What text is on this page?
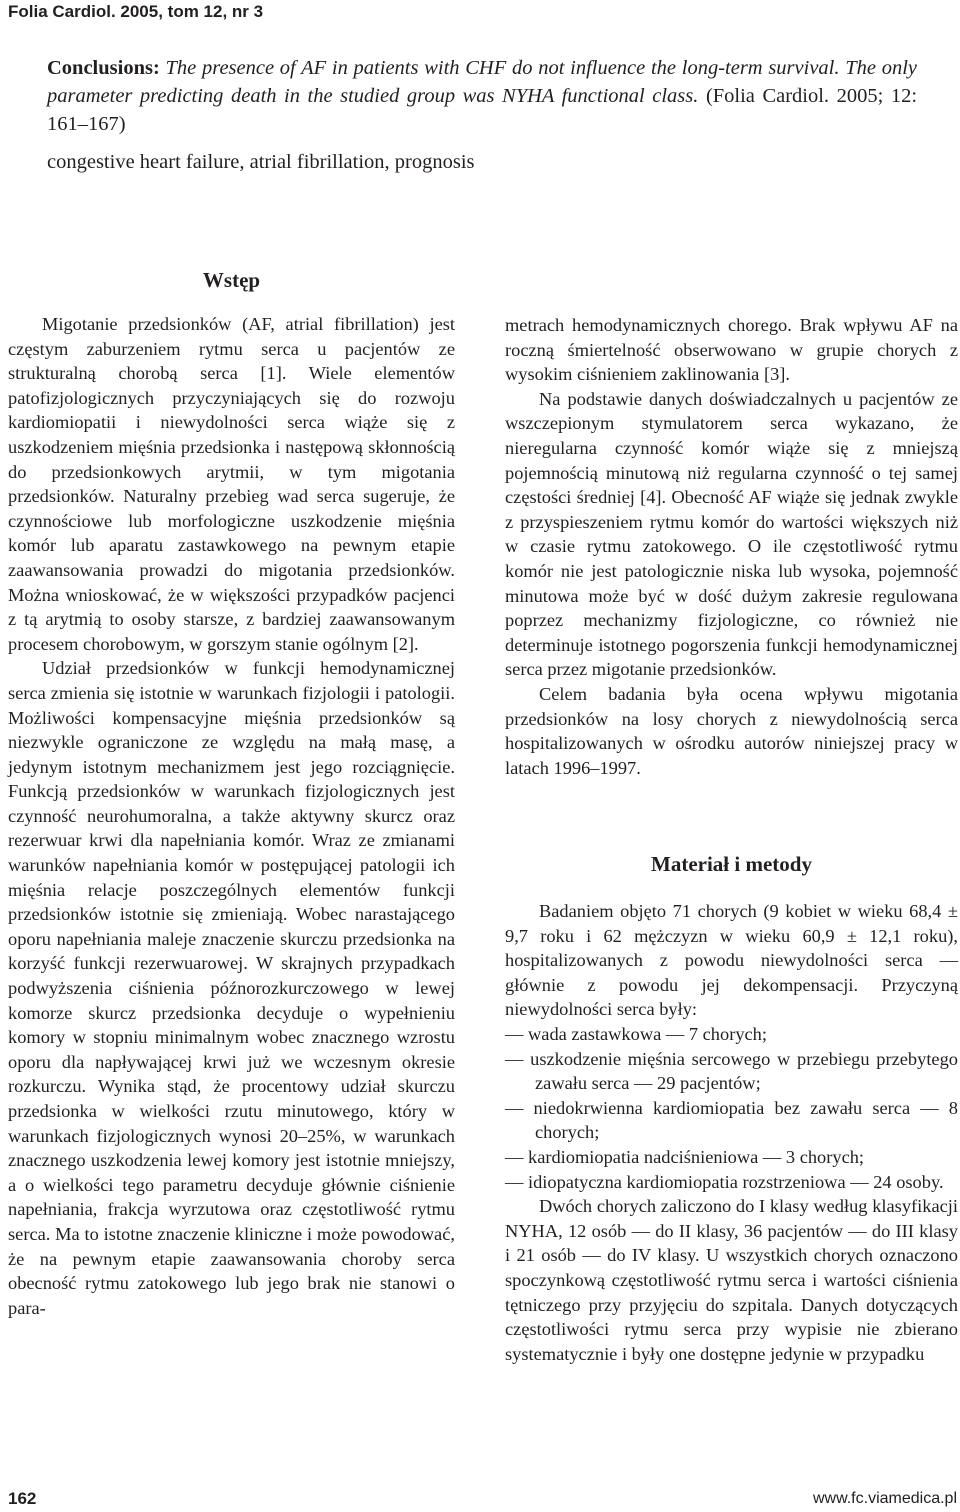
Folia Cardiol. 2005, tom 12, nr 3

Conclusions: The presence of AF in patients with CHF do not influence the long-term survival. The only parameter predicting death in the studied group was NYHA functional class. (Folia Cardiol. 2005; 12: 161–167)

congestive heart failure, atrial fibrillation, prognosis
Wstęp

Migotanie przedsionków (AF, atrial fibrillation) jest częstym zaburzeniem rytmu serca u pacjentów ze strukturalną chorobą serca [1]. Wiele elementów patofizjologicznych przyczyniających się do rozwoju kardiomiopatii i niewydolności serca wiąże się z uszkodzeniem mięśnia przedsionka i następową skłonnością do przedsionkowych arytmii, w tym migotania przedsionków. Naturalny przebieg wad serca sugeruje, że czynnościowe lub morfologiczne uszkodzenie mięśnia komór lub aparatu zastawkowego na pewnym etapie zaawansowania prowadzi do migotania przedsionków. Można wnioskować, że w większości przypadków pacjenci z tą arytmią to osoby starsze, z bardziej zaawansowanym procesem chorobowym, w gorszym stanie ogólnym [2].

Udział przedsionków w funkcji hemodynamicznej serca zmienia się istotnie w warunkach fizjologii i patologii. Możliwości kompensacyjne mięśnia przedsionków są niezwykle ograniczone ze względu na małą masę, a jedynym istotnym mechanizmem jest jego rozciągnięcie. Funkcją przedsionków w warunkach fizjologicznych jest czynność neurohumoralna, a także aktywny skurcz oraz rezerwuar krwi dla napełniania komór. Wraz ze zmianami warunków napełniania komór w postępującej patologii ich mięśnia relacje poszczególnych elementów funkcji przedsionków istotnie się zmieniają. Wobec narastającego oporu napełniania maleje znaczenie skurczu przedsionka na korzyść funkcji rezerwuarowej. W skrajnych przypadkach podwyższenia ciśnienia późnorozkurczowego w lewej komorze skurcz przedsionka decyduje o wypełnieniu komory w stopniu minimalnym wobec znacznego wzrostu oporu dla napływającej krwi już we wczesnym okresie rozkurczu. Wynika stąd, że procentowy udział skurczu przedsionka w wielkości rzutu minutowego, który w warunkach fizjologicznych wynosi 20–25%, w warunkach znacznego uszkodzenia lewej komory jest istotnie mniejszy, a o wielkości tego parametru decyduje głównie ciśnienie napełniania, frakcja wyrzutowa oraz częstotliwość rytmu serca. Ma to istotne znaczenie kliniczne i może powodować, że na pewnym etapie zaawansowania choroby serca obecność rytmu zatokowego lub jego brak nie stanowi o para-

metrach hemodynamicznych chorego. Brak wpływu AF na roczną śmiertelność obserwowano w grupie chorych z wysokim ciśnieniem zaklinowania [3].

Na podstawie danych doświadczalnych u pacjentów ze wszczepionym stymulatorem serca wykazano, że nieregularna czynność komór wiąże się z mniejszą pojemnością minutową niż regularna czynność o tej samej częstości średniej [4]. Obecność AF wiąże się jednak zwykle z przyspieszeniem rytmu komór do wartości większych niż w czasie rytmu zatokowego. O ile częstotliwość rytmu komór nie jest patologicznie niska lub wysoka, pojemność minutowa może być w dość dużym zakresie regulowana poprzez mechanizmy fizjologiczne, co również nie determinuje istotnego pogorszenia funkcji hemodynamicznej serca przez migotanie przedsionków.

Celem badania była ocena wpływu migotania przedsionków na losy chorych z niewydolnością serca hospitalizowanych w ośrodku autorów niniejszej pracy w latach 1996–1997.

Materiał i metody

Badaniem objęto 71 chorych (9 kobiet w wieku 68,4 ± 9,7 roku i 62 mężczyzn w wieku 60,9 ± 12,1 roku), hospitalizowanych z powodu niewydolności serca — głównie z powodu jej dekompensacji. Przyczyną niewydolności serca były:

— wada zastawkowa — 7 chorych;
— uszkodzenie mięśnia sercowego w przebiegu przebytego zawału serca — 29 pacjentów;
— niedokrwienna kardiomiopatia bez zawału serca — 8 chorych;
— kardiomiopatia nadciśnieniowa — 3 chorych;
— idiopatyczna kardiomiopatia rozstrzeniowa — 24 osoby.

Dwóch chorych zaliczono do I klasy według klasyfikacji NYHA, 12 osób — do II klasy, 36 pacjentów — do III klasy i 21 osób — do IV klasy. U wszystkich chorych oznaczono spoczynkową częstotliwość rytmu serca i wartości ciśnienia tętniczego przy przyjęciu do szpitala. Danych dotyczących częstotliwości rytmu serca przy wypisie nie zbierano systematycznie i były one dostępne jedynie w przypadku

162	www.fc.viamedica.pl
